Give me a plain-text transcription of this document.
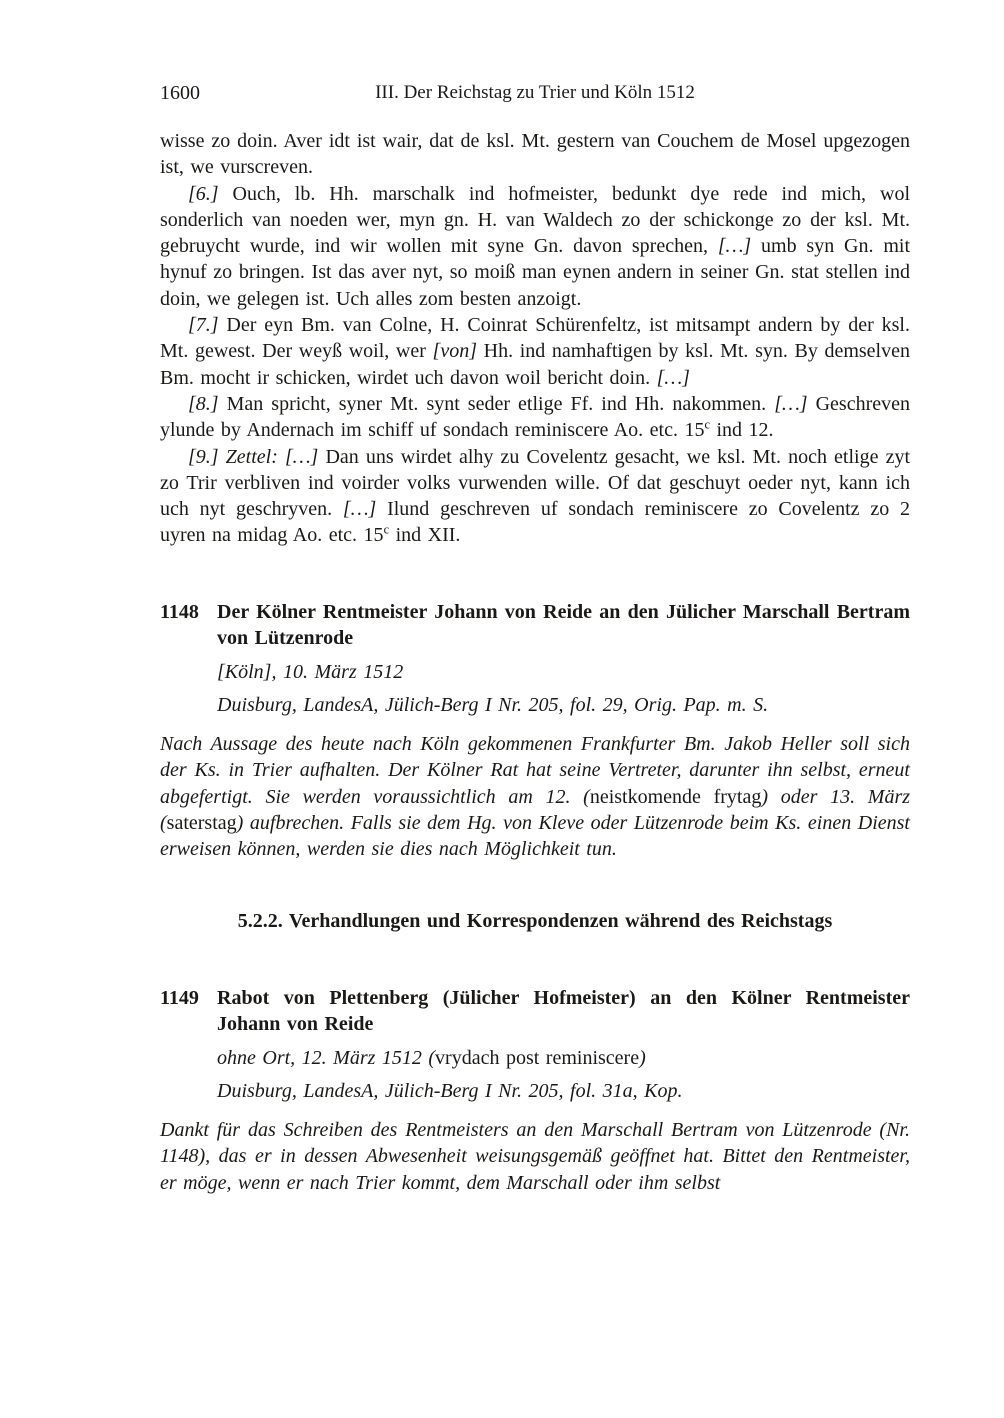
1600	III. Der Reichstag zu Trier und Köln 1512
wisse zo doin. Aver idt ist wair, dat de ksl. Mt. gestern van Couchem de Mosel upgezogen ist, we vurscreven.
[6.] Ouch, lb. Hh. marschalk ind hofmeister, bedunkt dye rede ind mich, wol sonderlich van noeden wer, myn gn. H. van Waldech zo der schickonge zo der ksl. Mt. gebruycht wurde, ind wir wollen mit syne Gn. davon sprechen, […] umb syn Gn. mit hynuf zo bringen. Ist das aver nyt, so moiß man eynen andern in seiner Gn. stat stellen ind doin, we gelegen ist. Uch alles zom besten anzoigt.
[7.] Der eyn Bm. van Colne, H. Coinrat Schürenfeltz, ist mitsampt andern by der ksl. Mt. gewest. Der weyß woil, wer [von] Hh. ind namhaftigen by ksl. Mt. syn. By demselven Bm. mocht ir schicken, wirdet uch davon woil bericht doin. […]
[8.] Man spricht, syner Mt. synt seder etlige Ff. ind Hh. nakommen. […] Geschreven ylunde by Andernach im schiff uf sondach reminiscere Ao. etc. 15$^c$ ind 12.
[9.] Zettel: […] Dan uns wirdet alhy zu Covelentz gesacht, we ksl. Mt. noch etlige zyt zo Trir verbliven ind voirder volks vurwenden wille. Of dat geschuyt oeder nyt, kann ich uch nyt geschryven. […] Ilund geschreven uf sondach reminiscere zo Covelentz zo 2 uyren na midag Ao. etc. 15$^c$ ind XII.
1148 Der Kölner Rentmeister Johann von Reide an den Jülicher Marschall Bertram von Lützenrode
[Köln], 10. März 1512
Duisburg, LandesA, Jülich-Berg I Nr. 205, fol. 29, Orig. Pap. m. S.
Nach Aussage des heute nach Köln gekommenen Frankfurter Bm. Jakob Heller soll sich der Ks. in Trier aufhalten. Der Kölner Rat hat seine Vertreter, darunter ihn selbst, erneut abgefertigt. Sie werden voraussichtlich am 12. (neistkomende frytag) oder 13. März (saterstag) aufbrechen. Falls sie dem Hg. von Kleve oder Lützenrode beim Ks. einen Dienst erweisen können, werden sie dies nach Möglichkeit tun.
5.2.2. Verhandlungen und Korrespondenzen während des Reichstags
1149 Rabot von Plettenberg (Jülicher Hofmeister) an den Kölner Rentmeister Johann von Reide
ohne Ort, 12. März 1512 (vrydach post reminiscere)
Duisburg, LandesA, Jülich-Berg I Nr. 205, fol. 31a, Kop.
Dankt für das Schreiben des Rentmeisters an den Marschall Bertram von Lützenrode (Nr. 1148), das er in dessen Abwesenheit weisungsgemäß geöffnet hat. Bittet den Rentmeister, er möge, wenn er nach Trier kommt, dem Marschall oder ihm selbst
